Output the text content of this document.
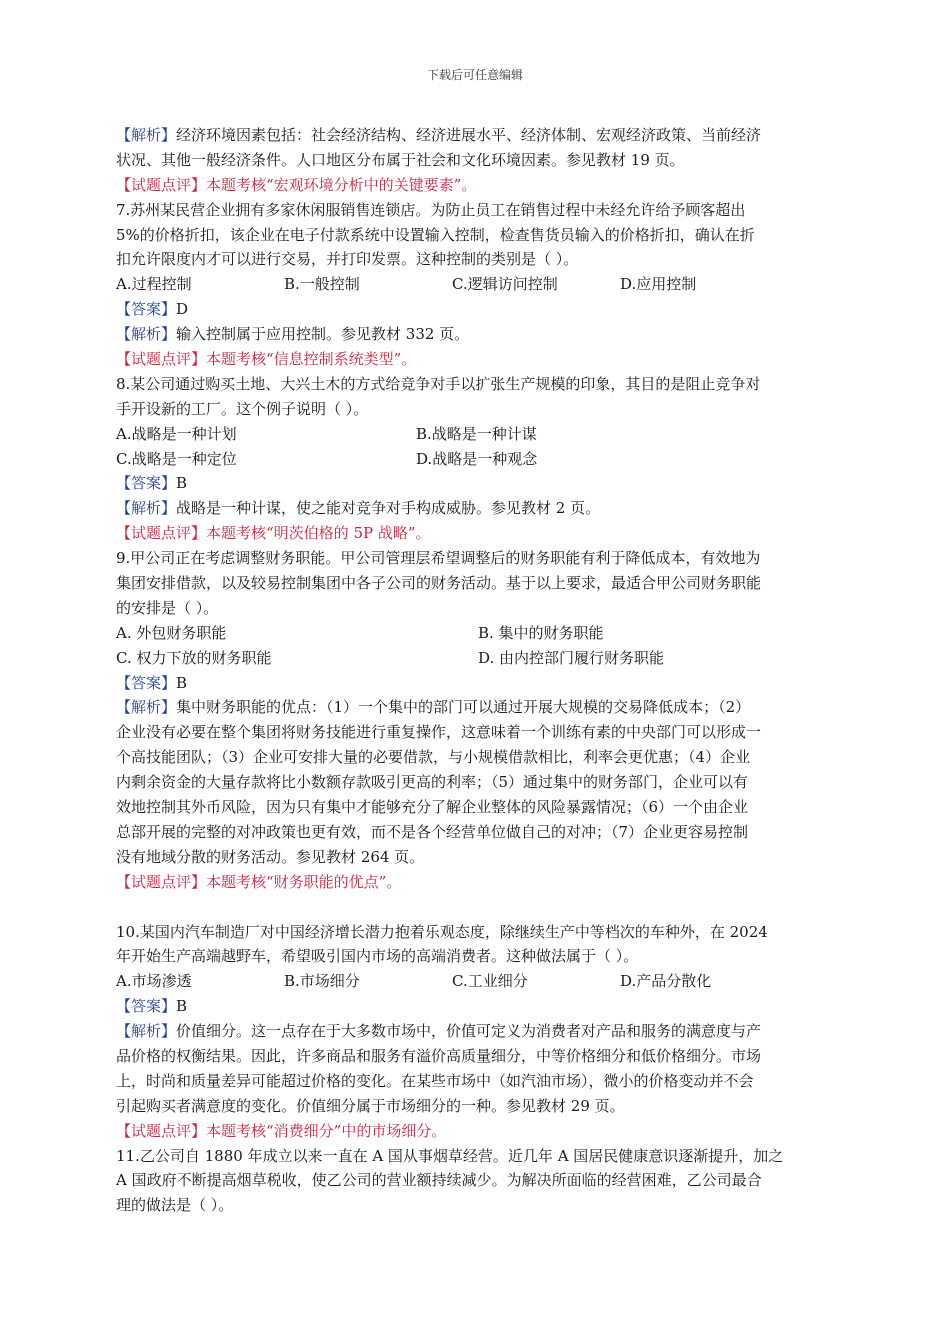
下载后可任意编辑
【解析】经济环境因素包括：社会经济结构、经济进展水平、经济体制、宏观经济政策、当前经济
状况、其他一般经济条件。人口地区分布属于社会和文化环境因素。参见教材 19 页。
【试题点评】本题考核“宏观环境分析中的关键要素”。
7.苏州某民营企业拥有多家休闲服销售连锁店。为防止员工在销售过程中未经允许给予顾客超出
5%的价格折扣，该企业在电子付款系统中设置输入控制，检查售货员输入的价格折扣，确认在折
扣允许限度内才可以进行交易，并打印发票。这种控制的类别是（ ）。
A.过程控制	B.一般控制	C.逻辑访问控制	D.应用控制
【答案】D
【解析】输入控制属于应用控制。参见教材 332 页。
【试题点评】本题考核“信息控制系统类型”。
8.某公司通过购买土地、大兴土木的方式给竞争对手以扩张生产规模的印象，其目的是阻止竞争对
手开设新的工厂。这个例子说明（ ）。
A.战略是一种计划	B.战略是一种计谋
C.战略是一种定位	D.战略是一种观念
【答案】B
【解析】战略是一种计谋，使之能对竞争对手构成威胁。参见教材 2 页。
【试题点评】本题考核“明茨伯格的 5P 战略”。
9.甲公司正在考虑调整财务职能。甲公司管理层希望调整后的财务职能有利于降低成本，有效地为
集团安排借款，以及较易控制集团中各子公司的财务活动。基于以上要求，最适合甲公司财务职能
的安排是（ ）。
A. 外包财务职能	B. 集中的财务职能
C. 权力下放的财务职能	D. 由内控部门履行财务职能
【答案】B
【解析】集中财务职能的优点：（1）一个集中的部门可以通过开展大规模的交易降低成本；（2）
企业没有必要在整个集团将财务技能进行重复操作，这意味着一个训练有素的中央部门可以形成一
个高技能团队；（3）企业可安排大量的必要借款，与小规模借款相比，利率会更优惠；（4）企业
内剩余资金的大量存款将比小数额存款吸引更高的利率；（5）通过集中的财务部门，企业可以有
效地控制其外币风险，因为只有集中才能够充分了解企业整体的风险暴露情况；（6）一个由企业
总部开展的完整的对冲政策也更有效，而不是各个经营单位做自己的对冲；（7）企业更容易控制
没有地域分散的财务活动。参见教材 264 页。
【试题点评】本题考核“财务职能的优点”。
10.某国内汽车制造厂对中国经济增长潜力抱着乐观态度，除继续生产中等档次的车种外，在 2024
年开始生产高端越野车，希望吸引国内市场的高端消费者。这种做法属于（ ）。
A.市场渗透	B.市场细分	C.工业细分	D.产品分散化
【答案】B
【解析】价值细分。这一点存在于大多数市场中，价值可定义为消费者对产品和服务的满意度与产
品价格的权衡结果。因此，许多商品和服务有溢价高质量细分，中等价格细分和低价格细分。市场
上，时尚和质量差异可能超过价格的变化。在某些市场中（如汽油市场），微小的价格变动并不会
引起购买者满意度的变化。价值细分属于市场细分的一种。参见教材 29 页。
【试题点评】本题考核“消费细分”中的市场细分。
11.乙公司自 1880 年成立以来一直在 A 国从事烟草经营。近几年 A 国居民健康意识逐渐提升，加之
A 国政府不断提高烟草税收，使乙公司的营业额持续减少。为解决所面临的经营困难，乙公司最合
理的做法是（ ）。
